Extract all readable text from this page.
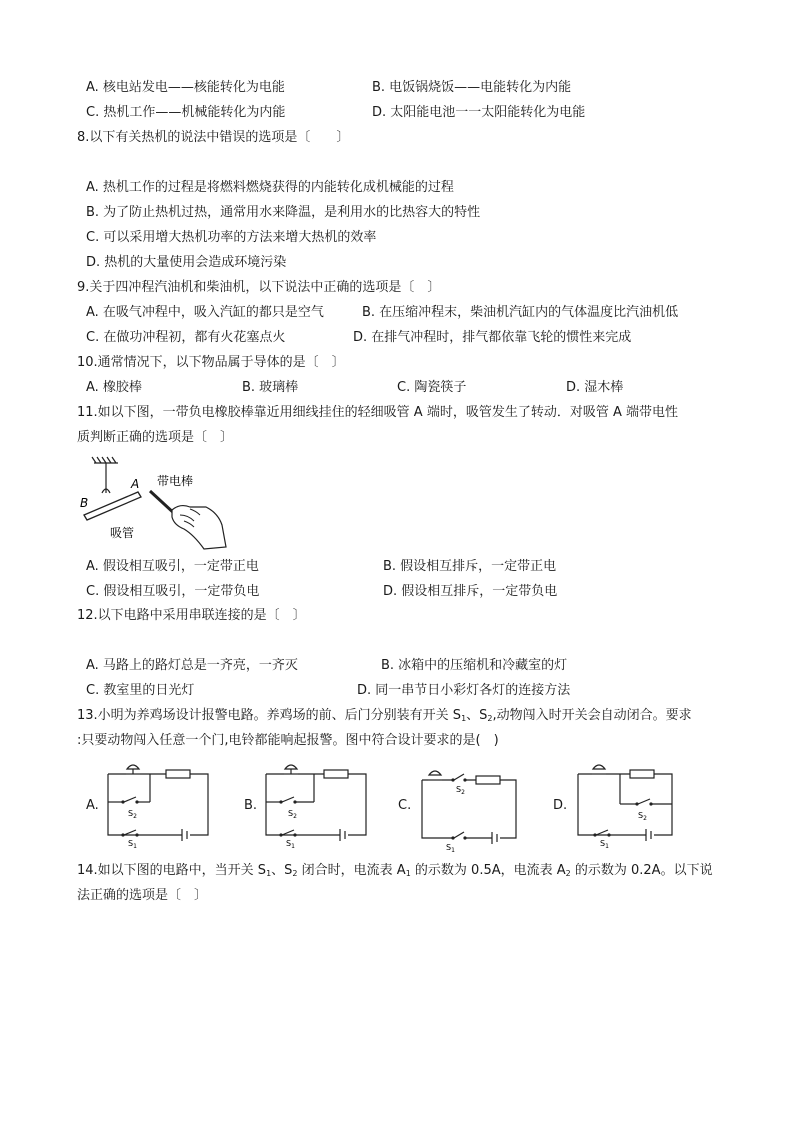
A. 核电站发电——核能转化为电能	B. 电饭锅烧饭——电能转化为内能
C. 热机工作——机械能转化为内能	D. 太阳能电池一一太阳能转化为电能
8.以下有关热机的说法中错误的选项是〔　　〕
A. 热机工作的过程是将燃料燃烧获得的内能转化成机械能的过程
B. 为了防止热机过热，通常用水来降温，是利用水的比热容大的特性
C. 可以采用增大热机功率的方法来增大热机的效率
D. 热机的大量使用会造成环境污染
9.关于四冲程汽油机和柴油机，以下说法中正确的选项是〔　〕
A. 在吸气冲程中，吸入汽缸的都只是空气	B. 在压缩冲程末，柴油机汽缸内的气体温度比汽油机低
C. 在做功冲程初，都有火花塞点火	D. 在排气冲程时，排气都依靠飞轮的惯性来完成
10.通常情况下，以下物品属于导体的是〔　〕
A. 橡胶棒	B. 玻璃棒	C. 陶瓷筷子	D. 湿木棒
11.如以下图，一带负电橡胶棒靠近用细线挂住的轻细吸管 A 端时，吸管发生了转动．对吸管 A 端带电性
质判断正确的选项是〔　〕
B
A
吸管
带电棒
A. 假设相互吸引，一定带正电	B. 假设相互排斥，一定带正电
C. 假设相互吸引，一定带负电	D. 假设相互排斥，一定带负电
12.以下电路中采用串联连接的是〔　〕
A. 马路上的路灯总是一齐亮，一齐灭	B. 冰箱中的压缩机和冷藏室的灯
C. 教室里的日光灯	D. 同一串节日小彩灯各灯的连接方法
13.小明为养鸡场设计报警电路。养鸡场的前、后门分别装有开关 $S_1$、$S_2$,动物闯入时开关会自动闭合。要求
:只要动物闯入任意一个门,电铃都能响起报警。图中符合设计要求的是(　)
A.
$S_2$
$S_1$
B.
$S_2$
$S_1$
C.
$S_2$
$S_1$
D.
$S_2$
$S_1$
14.如以下图的电路中，当开关 $S_1$、$S_2$ 闭合时，电流表 $A_1$ 的示数为 0.5A，电流表 $A_2$ 的示数为 0.2A。以下说
法正确的选项是〔　〕
